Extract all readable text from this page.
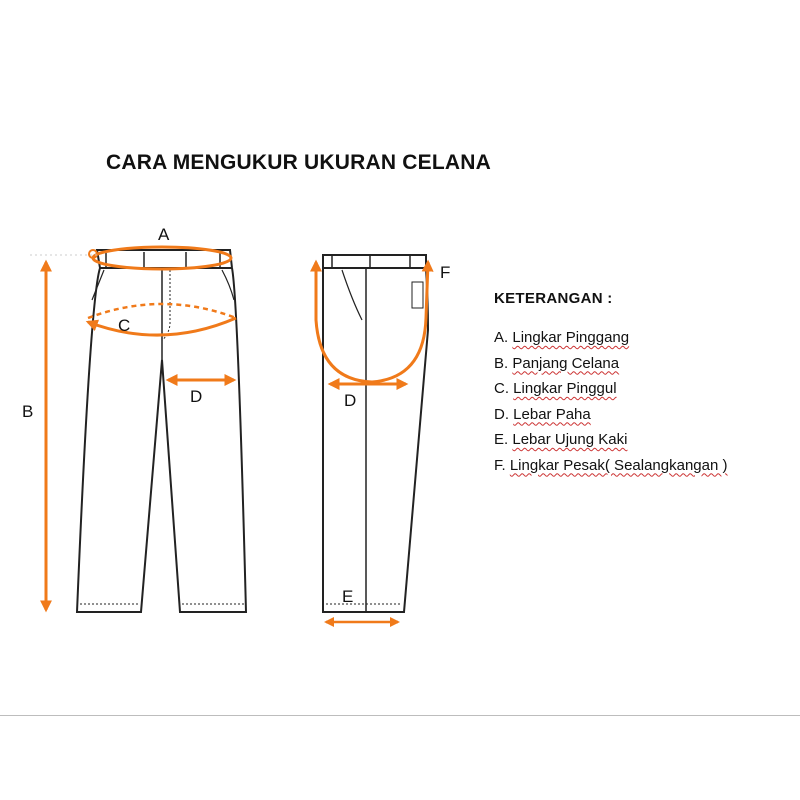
CARA MENGUKUR UKURAN CELANA
A
C
B
D
F
D
E
KETERANGAN :
A. Lingkar Pinggang
B. Panjang Celana
C. Lingkar Pinggul
D. Lebar Paha
E. Lebar Ujung Kaki
F. Lingkar Pesak( Sealangkangan )
